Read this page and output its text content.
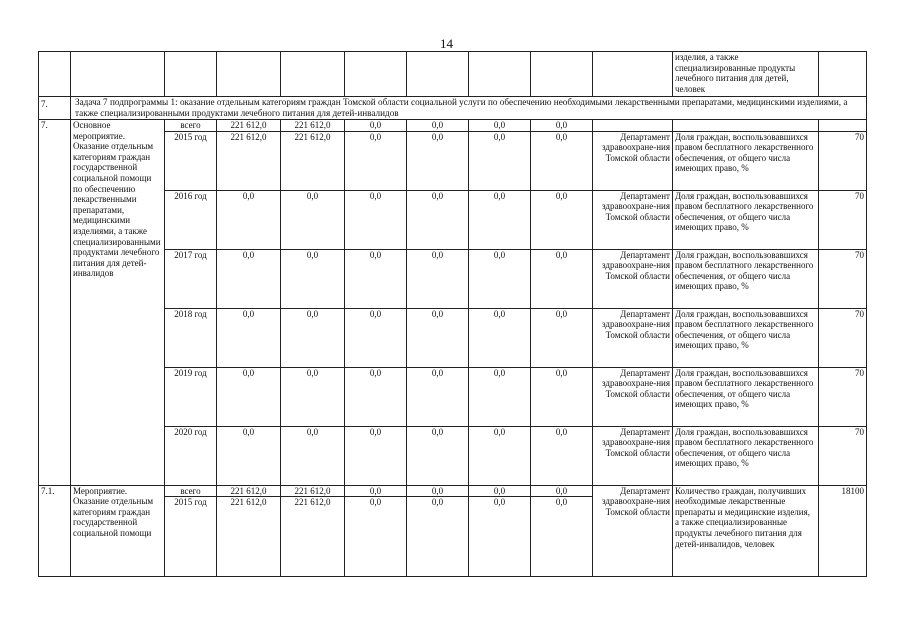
14
										изделия, а также специализированные продукты лечебного питания для детей, человек	
7.	Задача 7 подпрограммы 1: оказание отдельным категориям граждан Томской области социальной услуги по обеспечению необходимыми лекарственными препаратами, медицинскими изделиями, а также специализированными продуктами лечебного питания для детей-инвалидов										
7.	Основное мероприятие. Оказание отдельным категориям граждан государственной социальной помощи по обеспечению лекарственными препаратами, медицинскими изделиями, а также специализированными продуктами лечебного питания для детей-инвалидов	всего	221 612,0	221 612,0	0,0	0,0	0,0	0,0			
		2015 год	221 612,0	221 612,0	0,0	0,0	0,0	0,0	Департамент здравоохране-ния Томской области	Доля граждан, воспользовавшихся правом бесплатного лекарственного обеспечения, от общего числа имеющих право, %	70
		2016 год	0,0	0,0	0,0	0,0	0,0	0,0	Департамент здравоохране-ния Томской области	Доля граждан, воспользовавшихся правом бесплатного лекарственного обеспечения, от общего числа имеющих право, %	70
		2017 год	0,0	0,0	0,0	0,0	0,0	0,0	Департамент здравоохране-ния Томской области	Доля граждан, воспользовавшихся правом бесплатного лекарственного обеспечения, от общего числа имеющих право, %	70
		2018 год	0,0	0,0	0,0	0,0	0,0	0,0	Департамент здравоохране-ния Томской области	Доля граждан, воспользовавшихся правом бесплатного лекарственного обеспечения, от общего числа имеющих право, %	70
		2019 год	0,0	0,0	0,0	0,0	0,0	0,0	Департамент здравоохране-ния Томской области	Доля граждан, воспользовавшихся правом бесплатного лекарственного обеспечения, от общего числа имеющих право, %	70
		2020 год	0,0	0,0	0,0	0,0	0,0	0,0	Департамент здравоохране-ния Томской области	Доля граждан, воспользовавшихся правом бесплатного лекарственного обеспечения, от общего числа имеющих право, %	70
7.1.	Мероприятие. Оказание отдельным категориям граждан государственной социальной помощи	всего	221 612,0	221 612,0	0,0	0,0	0,0	0,0	Департамент здравоохране-ния Томской области	Количество граждан, получивших необходимые лекарственные препараты и медицинские изделия, а также специализированные продукты лечебного питания для детей-инвалидов, человек	18100
		2015 год	221 612,0	221 612,0	0,0	0,0	0,0	0,0			
